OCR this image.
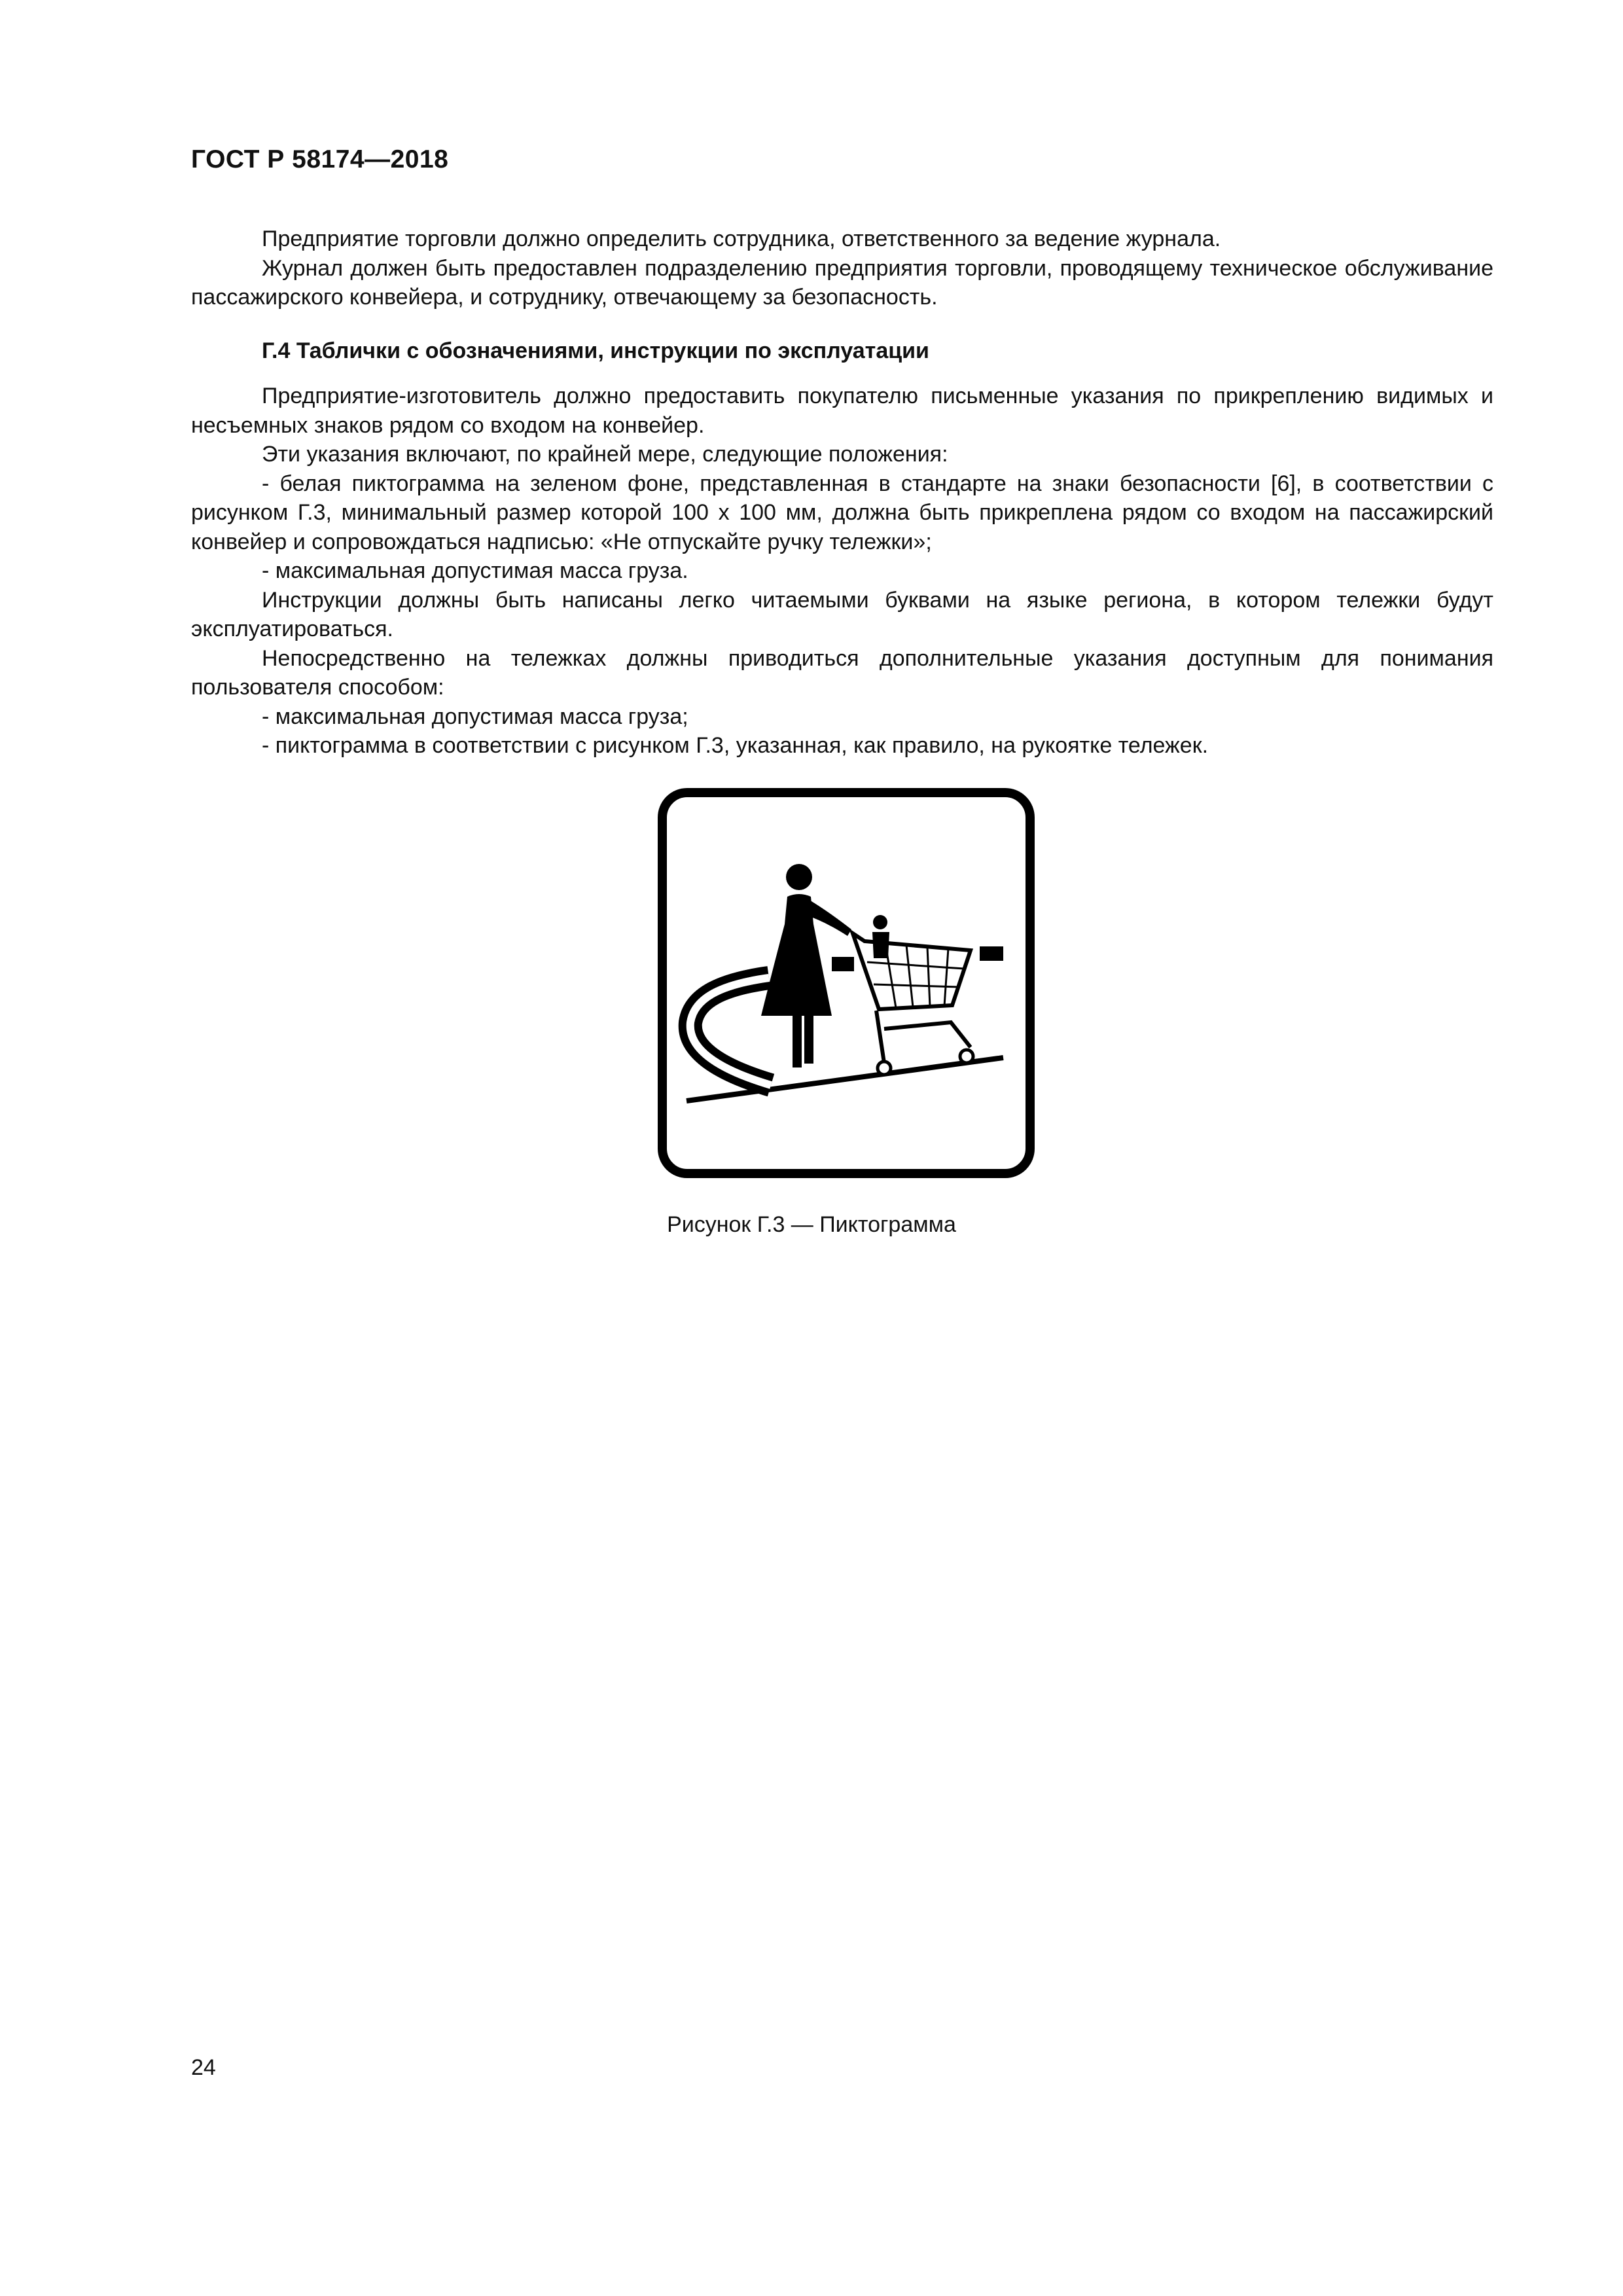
ГОСТ Р 58174—2018

Предприятие торговли должно определить сотрудника, ответственного за ведение журнала.

Журнал должен быть предоставлен подразделению предприятия торговли, проводящему техническое обслуживание пассажирского конвейера, и сотруднику, отвечающему за безопасность.

Г.4 Таблички с обозначениями, инструкции по эксплуатации

Предприятие-изготовитель должно предоставить покупателю письменные указания по прикреплению видимых и несъемных знаков рядом со входом на конвейер.

Эти указания включают, по крайней мере, следующие положения:

- белая пиктограмма на зеленом фоне, представленная в стандарте на знаки безопасности [6], в соответствии с рисунком Г.3, минимальный размер которой 100 x 100 мм, должна быть прикреплена рядом со входом на пассажирский конвейер и сопровождаться надписью: «Не отпускайте ручку тележки»;

- максимальная допустимая масса груза.

Инструкции должны быть написаны легко читаемыми буквами на языке региона, в котором тележки будут эксплуатироваться.

Непосредственно на тележках должны приводиться дополнительные указания доступным для понимания пользователя способом:

- максимальная допустимая масса груза;

- пиктограмма в соответствии с рисунком Г.3, указанная, как правило, на рукоятке тележек.

Рисунок Г.3 — Пиктограмма
24
